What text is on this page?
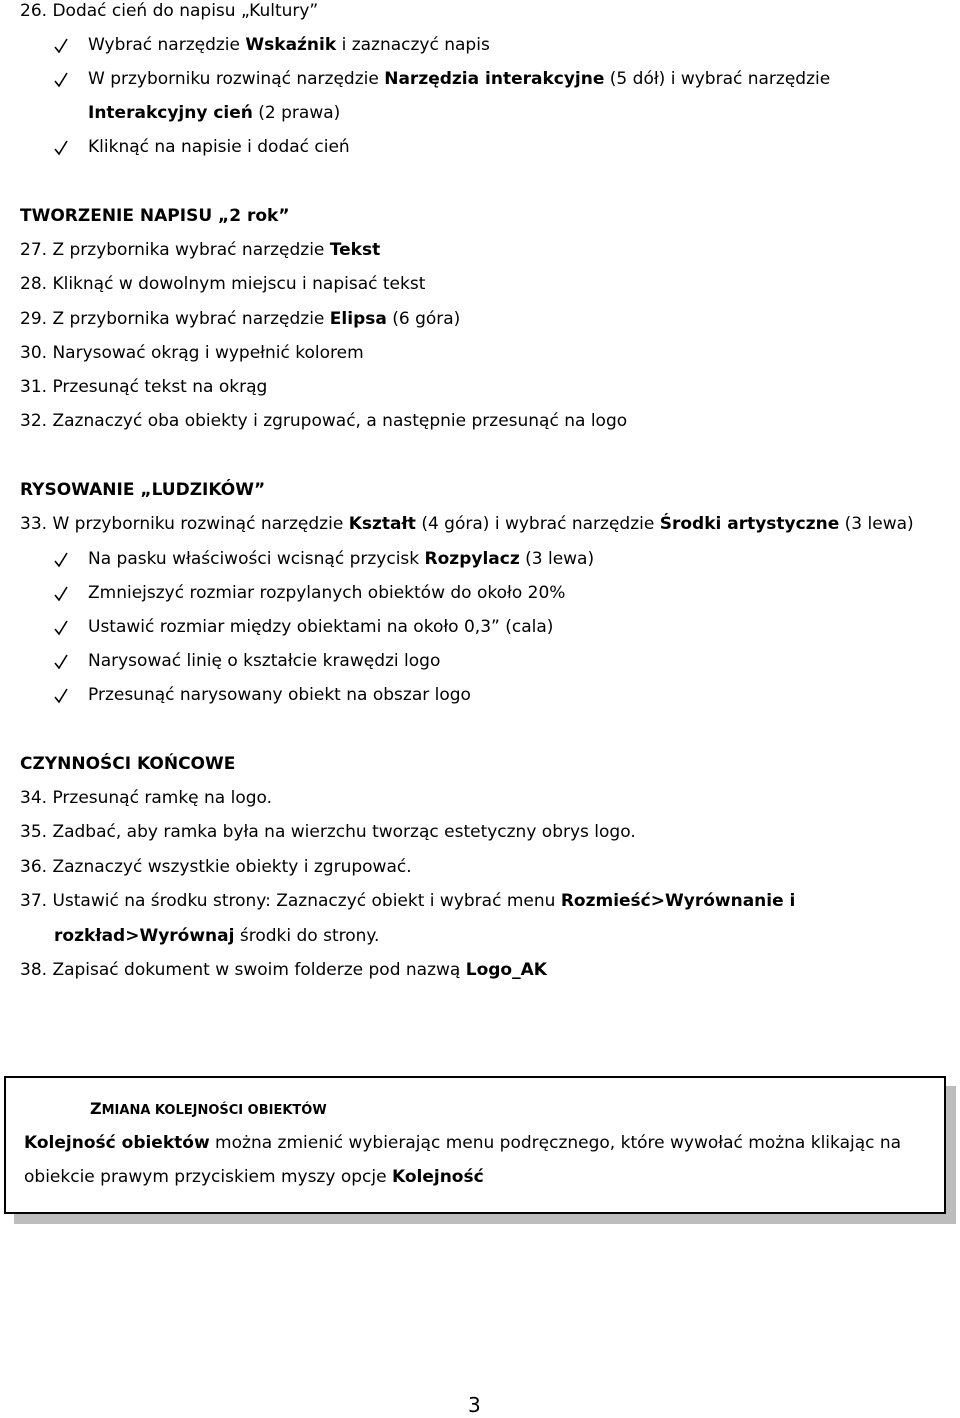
26. Dodać cień do napisu „Kultury”
Wybrać narzędzie Wskaźnik i zaznaczyć napis
W przyborniku rozwinąć narzędzie Narzędzia interakcyjne (5 dół) i wybrać narzędzie
Interakcyjny cień (2 prawa)
Kliknąć na napisie i dodać cień
TWORZENIE NAPISU „2 rok”
27. Z przybornika wybrać narzędzie Tekst
28. Kliknąć w dowolnym miejscu i napisać tekst
29. Z przybornika wybrać narzędzie Elipsa (6 góra)
30. Narysować okrąg i wypełnić kolorem
31. Przesunąć tekst na okrąg
32. Zaznaczyć oba obiekty i zgrupować, a następnie przesunąć na logo
RYSOWANIE „LUDZIKÓW”
33. W przyborniku rozwinąć narzędzie Kształt (4 góra) i wybrać narzędzie Środki artystyczne (3 lewa)
Na pasku właściwości wcisnąć przycisk Rozpylacz (3 lewa)
Zmniejszyć rozmiar rozpylanych obiektów do około 20%
Ustawić rozmiar między obiektami na około 0,3” (cala)
Narysować linię o kształcie krawędzi logo
Przesunąć narysowany obiekt na obszar logo
CZYNNOŚCI KOŃCOWE
34. Przesunąć ramkę na logo.
35. Zadbać, aby ramka była na wierzchu tworząc estetyczny obrys logo.
36. Zaznaczyć wszystkie obiekty i zgrupować.
37. Ustawić na środku strony: Zaznaczyć obiekt i wybrać menu Rozmieść>Wyrównanie i
rozkład>Wyrównaj środki do strony.
38. Zapisać dokument w swoim folderze pod nazwą Logo_AK
ZMIANA KOLEJNOŚCI OBIEKTÓW
Kolejność obiektów można zmienić wybierając menu podręcznego, które wywołać można klikając na
obiekcie prawym przyciskiem myszy opcje Kolejność
3
